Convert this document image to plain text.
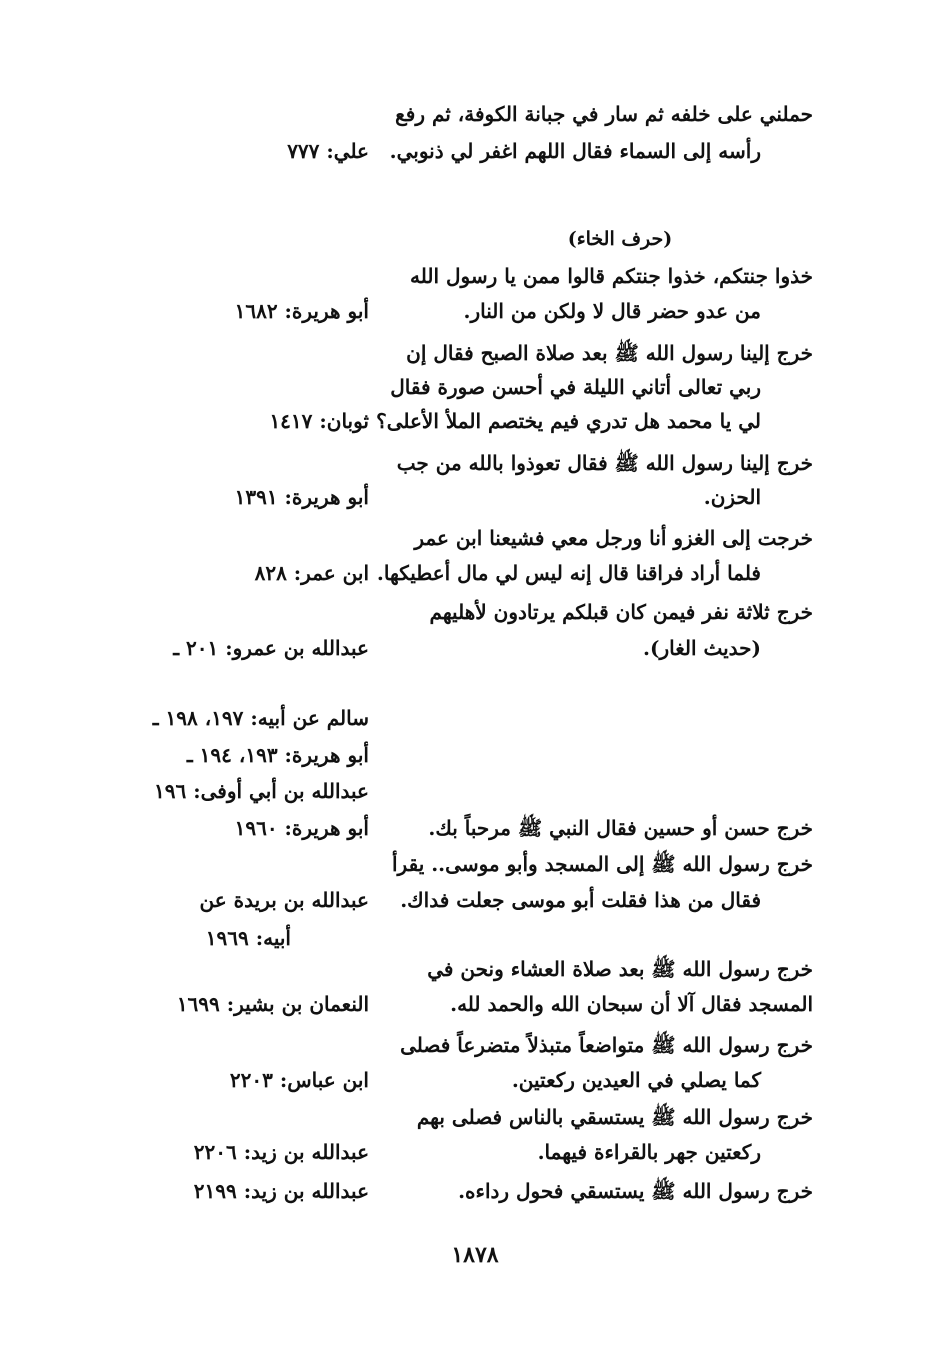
حملني على خلفه ثم سار في جبانة الكوفة، ثم رفع
رأسه إلى السماء فقال اللهم اغفر لي ذنوبي.
(حرف الخاء)
خذوا جنتكم، خذوا جنتكم قالوا ممن يا رسول الله
من عدو حضر قال لا ولكن من النار.
خرج إلينا رسول الله ﷺ بعد صلاة الصبح فقال إن
ربي تعالى أتاني الليلة في أحسن صورة فقال
لي يا محمد هل تدري فيم يختصم الملأ الأعلى؟
خرج إلينا رسول الله ﷺ فقال تعوذوا بالله من جب
الحزن.
خرجت إلى الغزو أنا ورجل معي فشيعنا ابن عمر
فلما أراد فراقنا قال إنه ليس لي مال أعطيكها.
خرج ثلاثة نفر فيمن كان قبلكم يرتادون لأهليهم
(حديث الغار).
خرج حسن أو حسين فقال النبي ﷺ مرحباً بك.
خرج رسول الله ﷺ إلى المسجد وأبو موسى.. يقرأ
فقال من هذا فقلت أبو موسى جعلت فداك.
خرج رسول الله ﷺ بعد صلاة العشاء ونحن في
المسجد فقال آلا أن سبحان الله والحمد لله.
خرج رسول الله ﷺ متواضعاً متبذلاً متضرعاً فصلى
كما يصلي في العيدين ركعتين.
خرج رسول الله ﷺ يستسقي بالناس فصلى بهم
ركعتين جهر بالقراءة فيهما.
خرج رسول الله ﷺ يستسقي فحول رداءه.
علي: ٧٧٧
أبو هريرة: ١٦٨٢
ثوبان: ١٤١٧
أبو هريرة: ١٣٩١
ابن عمر: ٨٢٨
عبدالله بن عمرو: ٢٠١ ـ
سالم عن أبيه: ١٩٧، ١٩٨ ـ
أبو هريرة: ١٩٣، ١٩٤ ـ
عبدالله بن أبي أوفى: ١٩٦
أبو هريرة: ١٩٦٠
عبدالله بن بريدة عن
أبيه: ١٩٦٩
النعمان بن بشير: ١٦٩٩
ابن عباس: ٢٢٠٣
عبدالله بن زيد: ٢٢٠٦
عبدالله بن زيد: ٢١٩٩
١٨٧٨
